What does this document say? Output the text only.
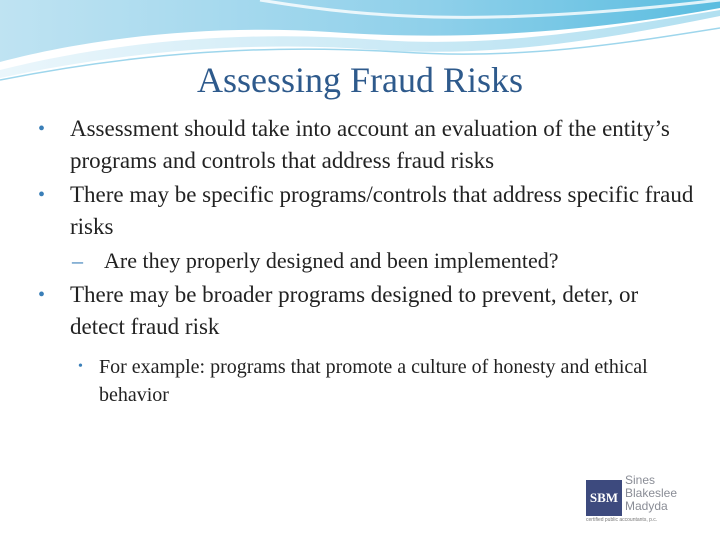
Assessing Fraud Risks
• Assessment should take into account an evaluation of the entity’s programs and controls that address fraud risks
• There may be specific programs/controls that address specific fraud risks
– Are they properly designed and been implemented?
• There may be broader programs designed to prevent, deter, or detect fraud risk
• For example: programs that promote a culture of honesty and ethical behavior
SBM
Sines
Blakeslee
Madyda
certified public accountants, p.c.
